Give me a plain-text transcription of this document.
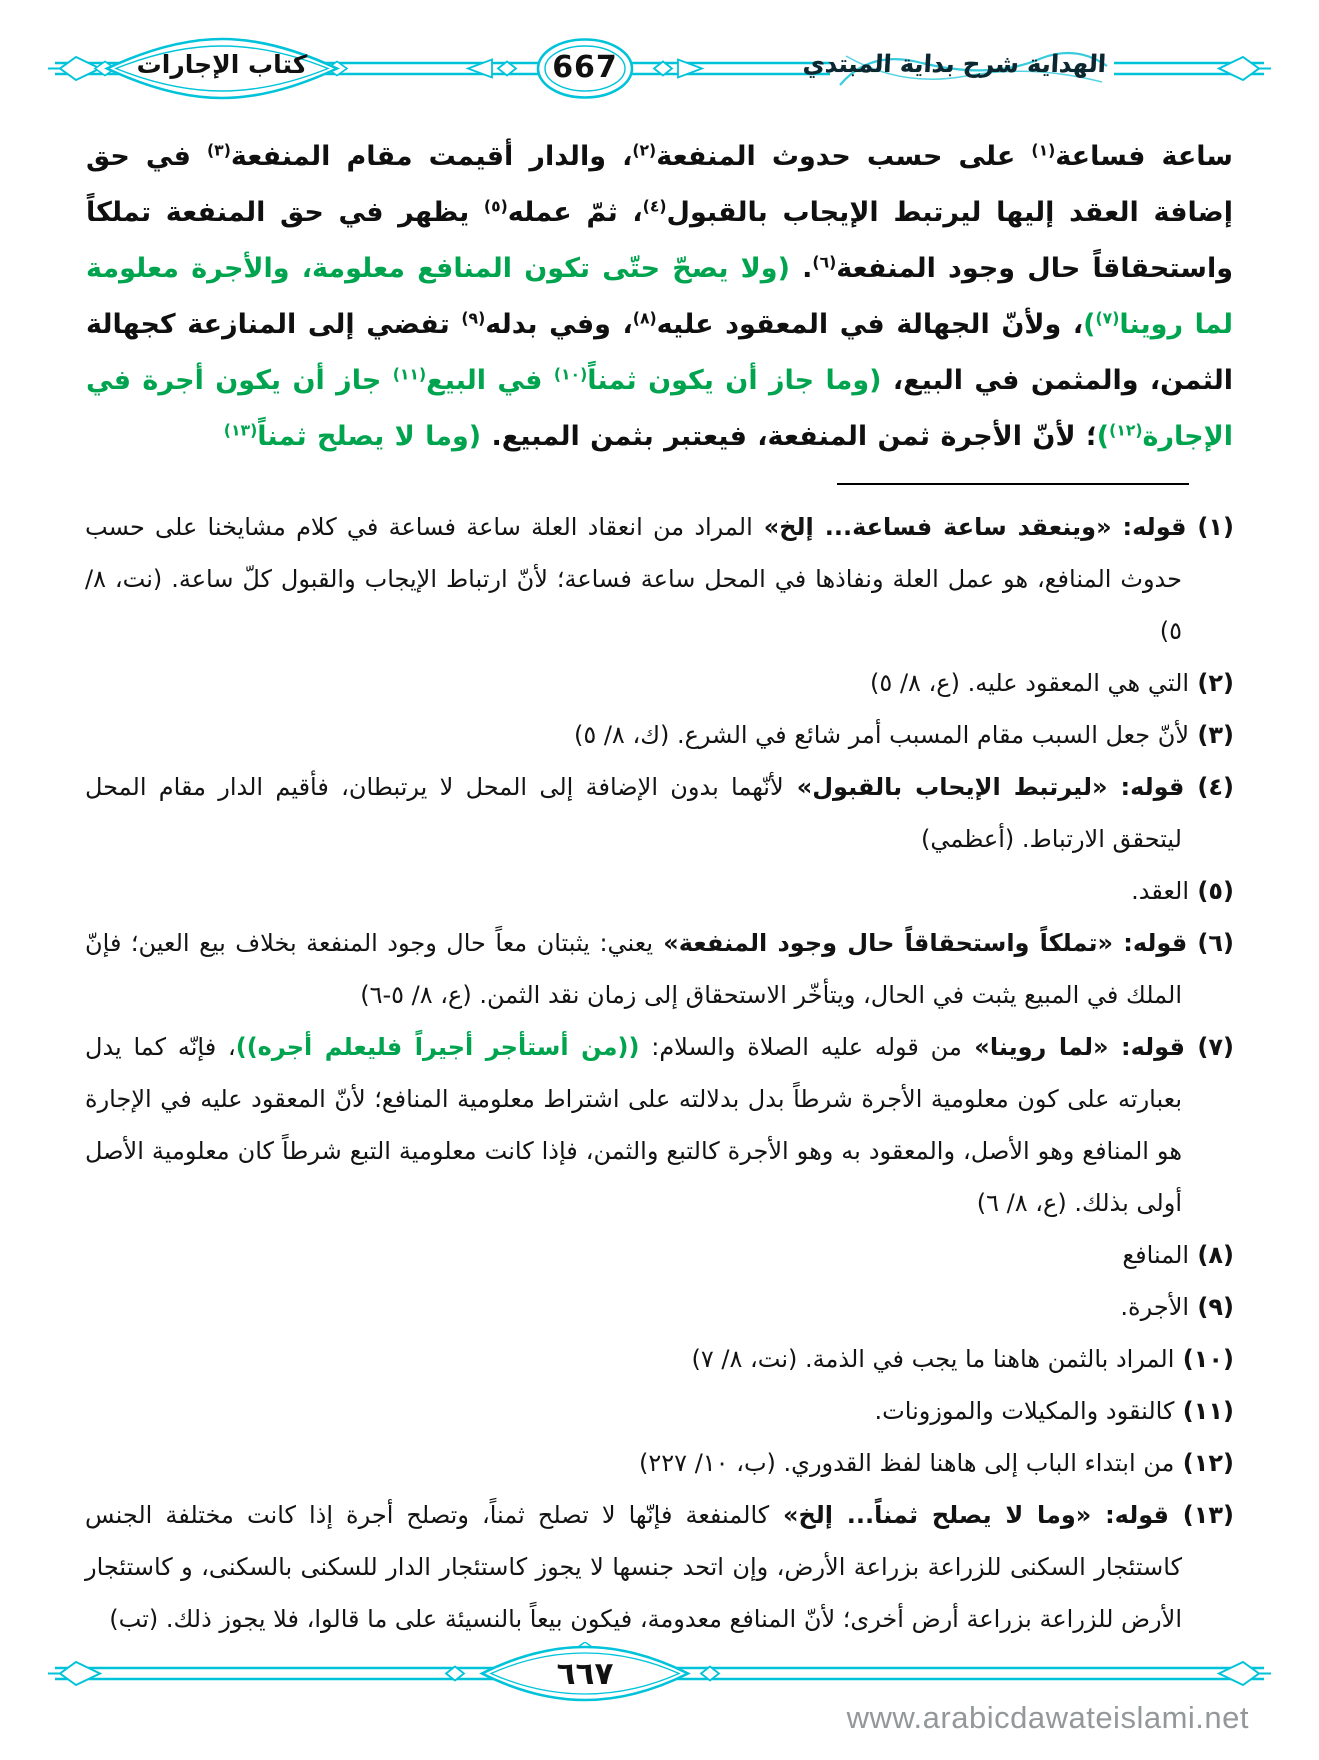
كتاب الإجارات	667	الهداية شرح بداية المبتدي
ساعة فساعة$^{(١)}$ على حسب حدوث المنفعة$^{(٢)}$، والدار أقيمت مقام المنفعة$^{(٣)}$ في حق إضافة العقد إليها ليرتبط الإيجاب بالقبول$^{(٤)}$، ثمّ عمله$^{(٥)}$ يظهر في حق المنفعة تملكاً واستحقاقاً حال وجود المنفعة$^{(٦)}$. (ولا يصحّ حتّى تكون المنافع معلومة، والأجرة معلومة لما روينا$^{(٧)}$)، ولأنّ الجهالة في المعقود عليه$^{(٨)}$، وفي بدله$^{(٩)}$ تفضي إلى المنازعة كجهالة الثمن، والمثمن في البيع، (وما جاز أن يكون ثمناً$^{(١٠)}$ في البيع$^{(١١)}$ جاز أن يكون أجرة في الإجارة$^{(١٢)}$)؛ لأنّ الأجرة ثمن المنفعة، فيعتبر بثمن المبيع. (وما لا يصلح ثمناً$^{(١٣)}$
(١) قوله: «وينعقد ساعة فساعة... إلخ» المراد من انعقاد العلة ساعة فساعة في كلام مشايخنا على حسب حدوث المنافع، هو عمل العلة ونفاذها في المحل ساعة فساعة؛ لأنّ ارتباط الإيجاب والقبول كلّ ساعة. (نت، ٨/ ٥)
(٢) التي هي المعقود عليه. (ع، ٨/ ٥)
(٣) لأنّ جعل السبب مقام المسبب أمر شائع في الشرع. (ك، ٨/ ٥)
(٤) قوله: «ليرتبط الإيحاب بالقبول» لأنّهما بدون الإضافة إلى المحل لا يرتبطان، فأقيم الدار مقام المحل ليتحقق الارتباط. (أعظمي)
(٥) العقد.
(٦) قوله: «تملكاً واستحقاقاً حال وجود المنفعة» يعني: يثبتان معاً حال وجود المنفعة بخلاف بيع العين؛ فإنّ الملك في المبيع يثبت في الحال، ويتأخّر الاستحقاق إلى زمان نقد الثمن. (ع، ٨/ ٥-٦)
(٧) قوله: «لما روينا» من قوله عليه الصلاة والسلام: ((من أستأجر أجيراً فليعلم أجره))، فإنّه كما يدل بعبارته على كون معلومية الأجرة شرطاً بدل بدلالته على اشتراط معلومية المنافع؛ لأنّ المعقود عليه في الإجارة هو المنافع وهو الأصل، والمعقود به وهو الأجرة كالتبع والثمن، فإذا كانت معلومية التبع شرطاً كان معلومية الأصل أولى بذلك. (ع، ٨/ ٦)
(٨) المنافع
(٩) الأجرة.
(١٠) المراد بالثمن هاهنا ما يجب في الذمة. (نت، ٨/ ٧)
(١١) كالنقود والمكيلات والموزونات.
(١٢) من ابتداء الباب إلى هاهنا لفظ القدوري. (ب، ١٠/ ٢٢٧)
(١٣) قوله: «وما لا يصلح ثمناً... إلخ» كالمنفعة فإنّها لا تصلح ثمناً، وتصلح أجرة إذا كانت مختلفة الجنس كاستئجار السكنى للزراعة بزراعة الأرض، وإن اتحد جنسها لا يجوز كاستئجار الدار للسكنى بالسكنى، و كاستئجار الأرض للزراعة بزراعة أرض أخرى؛ لأنّ المنافع معدومة، فيكون بيعاً بالنسيئة على ما قالوا، فلا يجوز ذلك. (تب)
٦٦٧
www.arabicdawateislami.net
